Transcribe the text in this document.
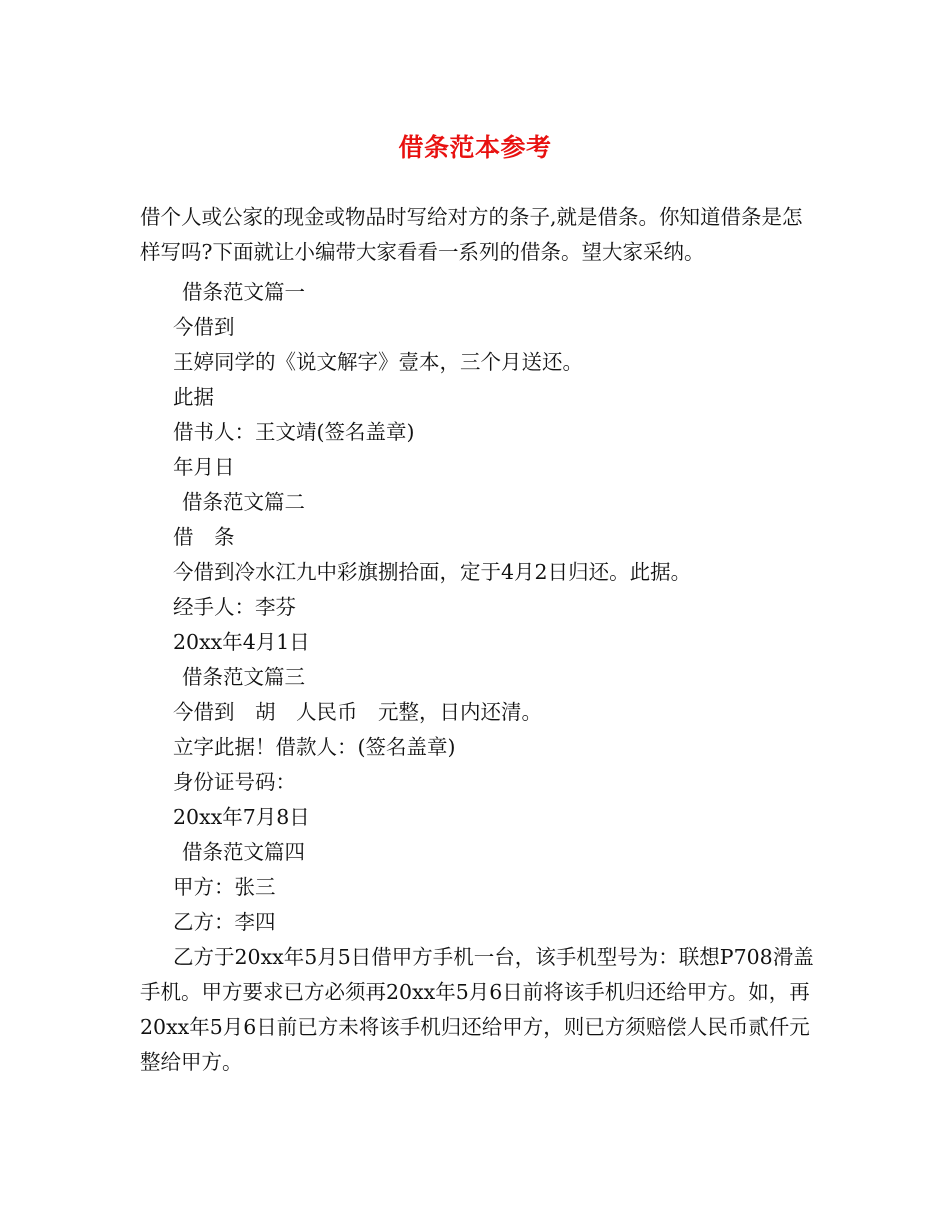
借条范本参考
借个人或公家的现金或物品时写给对方的条子,就是借条。你知道借条是怎样写吗?下面就让小编带大家看看一系列的借条。望大家采纳。
借条范文篇一
今借到
王婷同学的《说文解字》壹本，三个月送还。
此据
借书人：王文靖(签名盖章)
年月日
借条范文篇二
借　条
今借到冷水江九中彩旗捌拾面，定于4月2日归还。此据。
经手人：李芬
20xx年4月1日
借条范文篇三
今借到　胡　人民币　元整，日内还清。
立字此据！借款人：(签名盖章)
身份证号码：
20xx年7月8日
借条范文篇四
甲方：张三
乙方：李四
乙方于20xx年5月5日借甲方手机一台，该手机型号为：联想P708滑盖手机。甲方要求已方必须再20xx年5月6日前将该手机归还给甲方。如，再20xx年5月6日前已方未将该手机归还给甲方，则已方须赔偿人民币贰仟元整给甲方。
